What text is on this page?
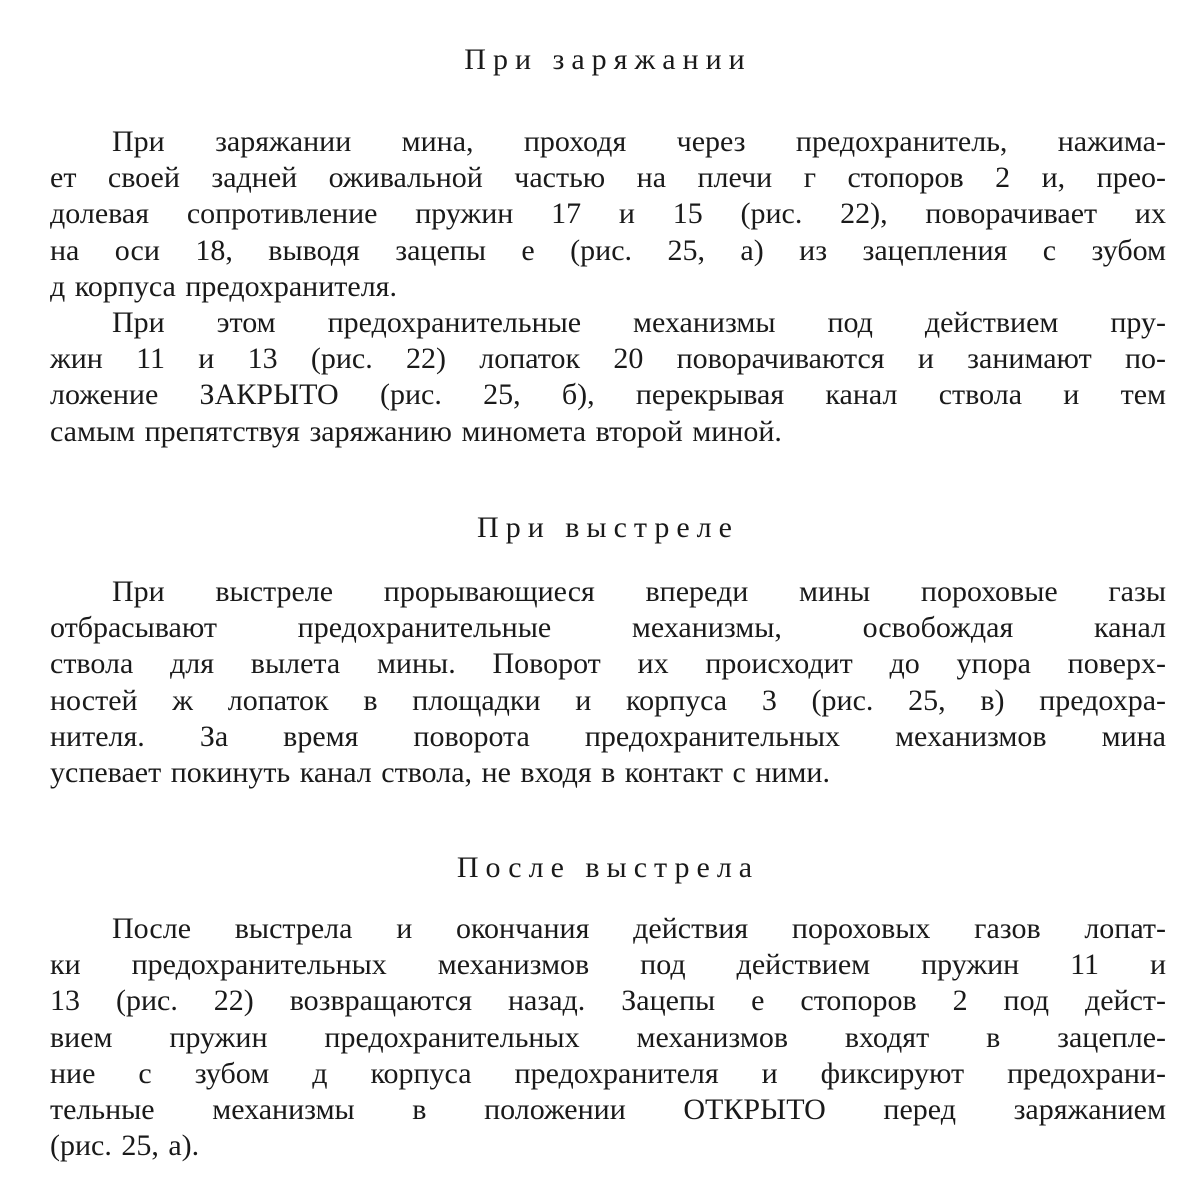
При заряжании
При заряжании мина, проходя через предохранитель, нажима-
ет своей задней оживальной частью на плечи г стопоров 2 и, прео-
долевая сопротивление пружин 17 и 15 (рис. 22), поворачивает их
на оси 18, выводя зацепы е (рис. 25, а) из зацепления с зубом
д корпуса предохранителя.
При этом предохранительные механизмы под действием пру-
жин 11 и 13 (рис. 22) лопаток 20 поворачиваются и занимают по-
ложение ЗАКРЫТО (рис. 25, б), перекрывая канал ствола и тем
самым препятствуя заряжанию миномета второй миной.
При выстреле
При выстреле прорывающиеся впереди мины пороховые газы
отбрасывают предохранительные механизмы, освобождая канал
ствола для вылета мины. Поворот их происходит до упора поверх-
ностей ж лопаток в площадки и корпуса 3 (рис. 25, в) предохра-
нителя. За время поворота предохранительных механизмов мина
успевает покинуть канал ствола, не входя в контакт с ними.
После выстрела
После выстрела и окончания действия пороховых газов лопат-
ки предохранительных механизмов под действием пружин 11 и
13 (рис. 22) возвращаются назад. Зацепы е стопоров 2 под дейст-
вием пружин предохранительных механизмов входят в зацепле-
ние с зубом д корпуса предохранителя и фиксируют предохрани-
тельные механизмы в положении ОТКРЫТО перед заряжанием
(рис. 25, а).
